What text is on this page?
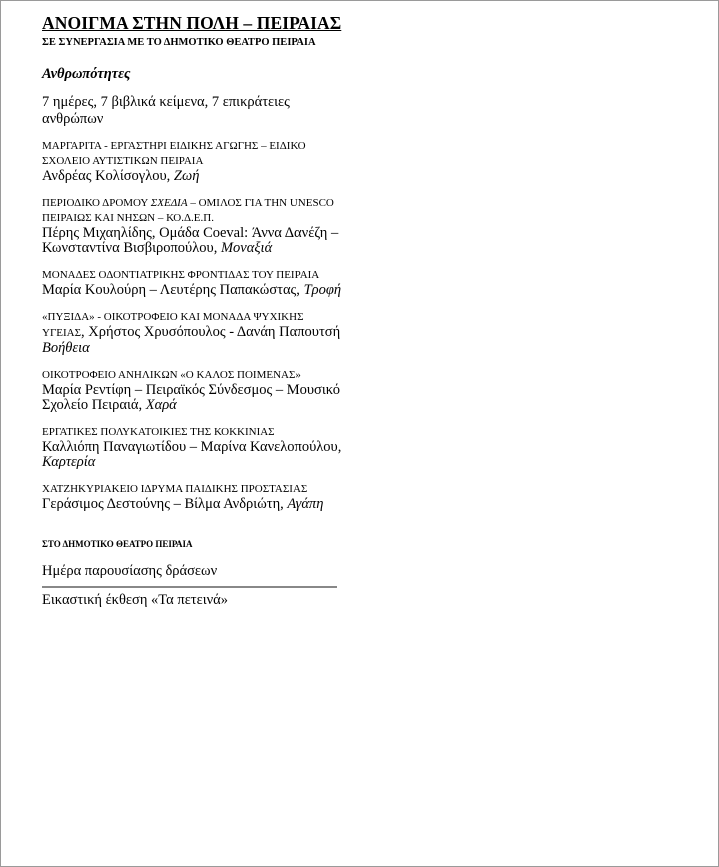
ΑΝΟΙΓΜΑ ΣΤΗΝ ΠΟΛΗ – ΠΕΙΡΑΙΑΣ
ΣΕ ΣΥΝΕΡΓΑΣΙΑ ΜΕ ΤΟ ΔΗΜΟΤΙΚΟ ΘΕΑΤΡΟ ΠΕΙΡΑΙΑ
Ανθρωπότητες
7 ημέρες, 7 βιβλικά κείμενα, 7 επικράτειες ανθρώπων
ΜΑΡΓΑΡΙΤΑ - ΕΡΓΑΣΤΗΡΙ ΕΙΔΙΚΗΣ ΑΓΩΓΗΣ – ΕΙΔΙΚΟ ΣΧΟΛΕΙΟ ΑΥΤΙΣΤΙΚΩΝ ΠΕΙΡΑΙΑ
Ανδρέας Κολίσογλου, Ζωή
ΠΕΡΙΟΔΙΚΟ ΔΡΟΜΟΥ ΣΧΕΔΙΑ – ΟΜΙΛΟΣ ΓΙΑ ΤΗΝ UNESCO ΠΕΙΡΑΙΩΣ ΚΑΙ ΝΗΣΩΝ – ΚΟ.Δ.Ε.Π.
Πέρης Μιχαηλίδης, Ομάδα Coeval: Άννα Δανέζη – Κωνσταντίνα Βισβιροπούλου, Μοναξιά
ΜΟΝΑΔΕΣ ΟΔΟΝΤΙΑΤΡΙΚΗΣ ΦΡΟΝΤΙΔΑΣ ΤΟΥ ΠΕΙΡΑΙΑ
Μαρία Κουλούρη – Λευτέρης Παπακώστας, Τροφή
«ΠΥΞΙΔΑ» - ΟΙΚΟΤΡΟΦΕΙΟ ΚΑΙ ΜΟΝΑΔΑ ΨΥΧΙΚΗΣ ΥΓΕΙΑΣ, Χρήστος Χρυσόπουλος - Δανάη Παπουτσή Βοήθεια
ΟΙΚΟΤΡΟΦΕΙΟ ΑΝΗΛΙΚΩΝ «Ο ΚΑΛΟΣ ΠΟΙΜΕΝΑΣ»
Μαρία Ρεντίφη – Πειραϊκός Σύνδεσμος – Μουσικό Σχολείο Πειραιά, Χαρά
ΕΡΓΑΤΙΚΕΣ ΠΟΛΥΚΑΤΟΙΚΙΕΣ ΤΗΣ ΚΟΚΚΙΝΙΑΣ
Καλλιόπη Παναγιωτίδου – Μαρίνα Κανελοπούλου, Καρτερία
ΧΑΤΖΗΚΥΡΙΑΚΕΙΟ ΙΔΡΥΜΑ ΠΑΙΔΙΚΗΣ ΠΡΟΣΤΑΣΙΑΣ
Γεράσιμος Δεστούνης – Βίλμα Ανδριώτη, Αγάπη
ΣΤΟ ΔΗΜΟΤΙΚΟ ΘΕΑΤΡΟ ΠΕΙΡΑΙΑ
Ημέρα παρουσίασης δράσεων
Εικαστική έκθεση «Τα πετεινά»
